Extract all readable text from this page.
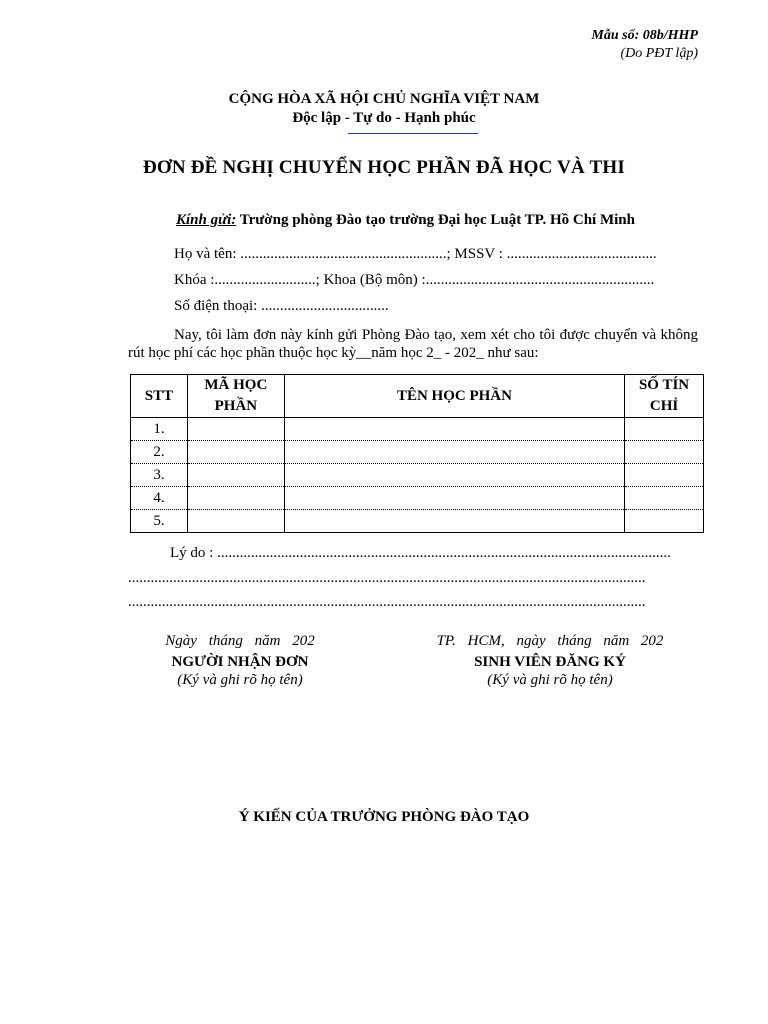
Mẫu số: 08b/HHP
(Do PĐT lập)
CỘNG HÒA XÃ HỘI CHỦ NGHĨA VIỆT NAM
Độc lập - Tự do - Hạnh phúc
ĐƠN ĐỀ NGHỊ CHUYỂN HỌC PHẦN ĐÃ HỌC VÀ THI
Kính gửi: Trường phòng Đào tạo trường Đại học Luật TP. Hồ Chí Minh
Họ và tên: .......................................................; MSSV : ........................................
Khóa :...........................; Khoa (Bộ môn) :.............................................................
Số điện thoại: ..................................
Nay, tôi làm đơn này kính gửi Phòng Đào tạo, xem xét cho tôi được chuyển và không rút học phí các học phần thuộc học kỳ__năm học 2_ - 202_ như sau:
STT	MÃ HỌC PHẦN	TÊN HỌC PHẦN	SỐ TÍN CHỈ
1.			
2.			
3.			
4.			
5.			
Lý do : .........................................................................................................................
..........................................................................................................................................
..........................................................................................................................................
Ngày tháng năm 202
NGƯỜI NHẬN ĐƠN
(Ký và ghi rõ họ tên)
TP. HCM, ngày tháng năm 202
SINH VIÊN ĐĂNG KÝ
(Ký và ghi rõ họ tên)
Ý KIẾN CỦA TRƯỞNG PHÒNG ĐÀO TẠO
